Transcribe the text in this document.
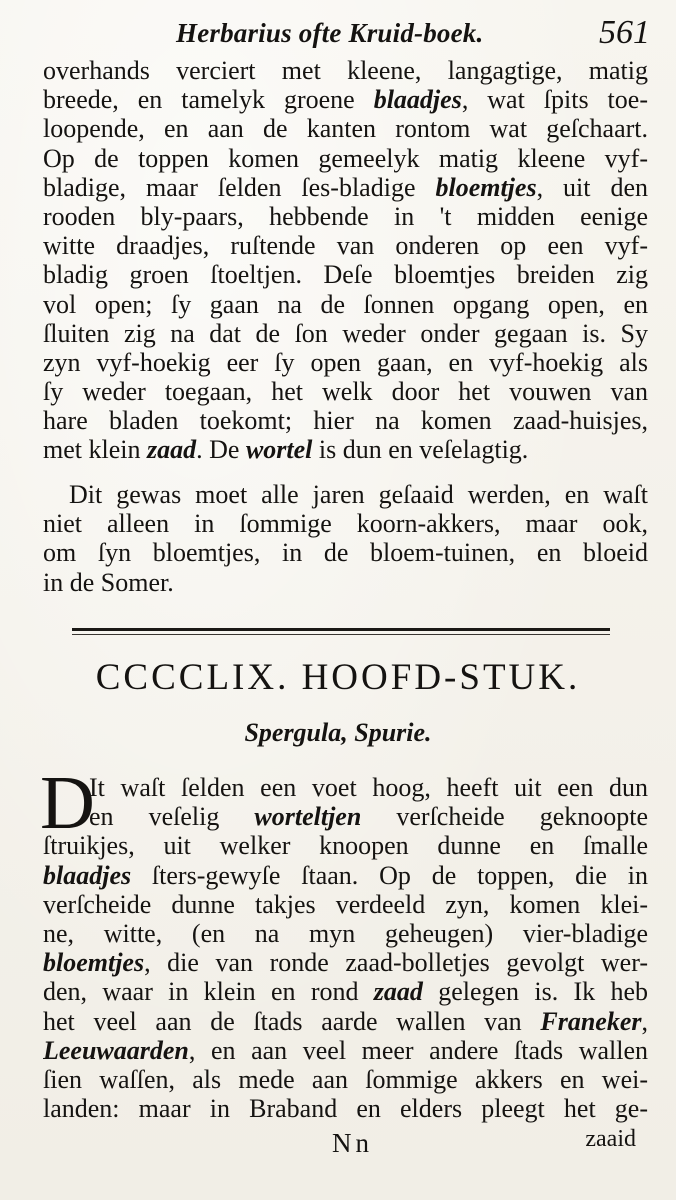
Herbarius ofte Kruid-boek.	561
overhands verciert met kleene, langagtige, matig
breede, en tamelyk groene blaadjes, wat ſpits toe-
loopende, en aan de kanten rontom wat geſchaart.
Op de toppen komen gemeelyk matig kleene vyf-
bladige, maar ſelden ſes-bladige bloemtjes, uit den
rooden bly-paars, hebbende in 't midden eenige
witte draadjes, ruſtende van onderen op een vyf-
bladig groen ſtoeltjen. Deſe bloemtjes breiden zig
vol open; ſy gaan na de ſonnen opgang open, en
ſluiten zig na dat de ſon weder onder gegaan is. Sy
zyn vyf-hoekig eer ſy open gaan, en vyf-hoekig als
ſy weder toegaan, het welk door het vouwen van
hare bladen toekomt; hier na komen zaad-huisjes,
met klein zaad. De wortel is dun en veſelagtig.
Dit gewas moet alle jaren geſaaid werden, en waſt
niet alleen in ſommige koorn-akkers, maar ook,
om ſyn bloemtjes, in de bloem-tuinen, en bloeid
in de Somer.
CCCCLIX. HOOFD-STUK.
Spergula, Spurie.
D
It waſt ſelden een voet hoog, heeft uit een dun
en veſelig worteltjen verſcheide geknoopte
ſtruikjes, uit welker knoopen dunne en ſmalle
blaadjes ſters-gewyſe ſtaan. Op de toppen, die in
verſcheide dunne takjes verdeeld zyn, komen klei-
ne, witte, (en na myn geheugen) vier-bladige
bloemtjes, die van ronde zaad-bolletjes gevolgt wer-
den, waar in klein en rond zaad gelegen is. Ik heb
het veel aan de ſtads aarde wallen van Franeker,
Leeuwaarden, en aan veel meer andere ſtads wallen
ſien waſſen, als mede aan ſommige akkers en wei-
landen: maar in Braband en elders pleegt het ge-
Nn	zaaid
